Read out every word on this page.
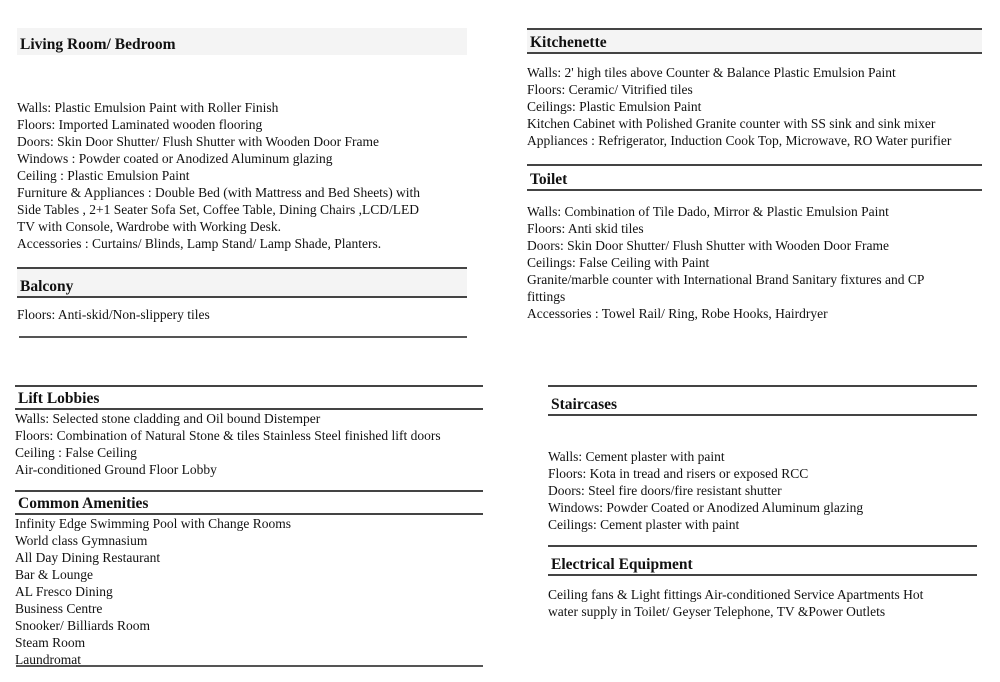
Living Room/ Bedroom
Walls: Plastic Emulsion Paint with Roller Finish
Floors: Imported Laminated wooden flooring
Doors: Skin Door Shutter/ Flush Shutter with Wooden Door Frame
Windows : Powder coated or Anodized Aluminum glazing
Ceiling : Plastic Emulsion Paint
Furniture & Appliances : Double Bed (with Mattress and Bed Sheets) with
Side Tables , 2+1 Seater Sofa Set, Coffee Table, Dining Chairs ,LCD/LED
TV with Console, Wardrobe with Working Desk.
Accessories : Curtains/ Blinds, Lamp Stand/ Lamp Shade, Planters.
Balcony
Floors: Anti-skid/Non-slippery tiles
Kitchenette
Walls: 2' high tiles above Counter & Balance Plastic Emulsion Paint
Floors: Ceramic/ Vitrified tiles
Ceilings: Plastic Emulsion Paint
Kitchen Cabinet with Polished Granite counter with SS sink and sink mixer
Appliances : Refrigerator, Induction Cook Top, Microwave, RO Water purifier
Toilet
Walls: Combination of Tile Dado, Mirror & Plastic Emulsion Paint
Floors: Anti skid tiles
Doors: Skin Door Shutter/ Flush Shutter with Wooden Door Frame
Ceilings: False Ceiling with Paint
Granite/marble counter with International Brand Sanitary fixtures and CP
fittings
Accessories : Towel Rail/ Ring, Robe Hooks, Hairdryer
Lift Lobbies
Walls: Selected stone cladding and Oil bound Distemper
Floors: Combination of Natural Stone & tiles Stainless Steel finished lift doors
Ceiling : False Ceiling
Air-conditioned Ground Floor Lobby
Common Amenities
Infinity Edge Swimming Pool with Change Rooms
World class Gymnasium
All Day Dining Restaurant
Bar & Lounge
AL Fresco Dining
Business Centre
Snooker/ Billiards Room
Steam Room
Laundromat
Staircases
Walls: Cement plaster with paint
Floors: Kota in tread and risers or exposed RCC
Doors: Steel fire doors/fire resistant shutter
Windows: Powder Coated or Anodized Aluminum glazing
Ceilings: Cement plaster with paint
Electrical Equipment
Ceiling fans & Light fittings Air-conditioned Service Apartments Hot
water supply in Toilet/ Geyser Telephone, TV &Power Outlets
